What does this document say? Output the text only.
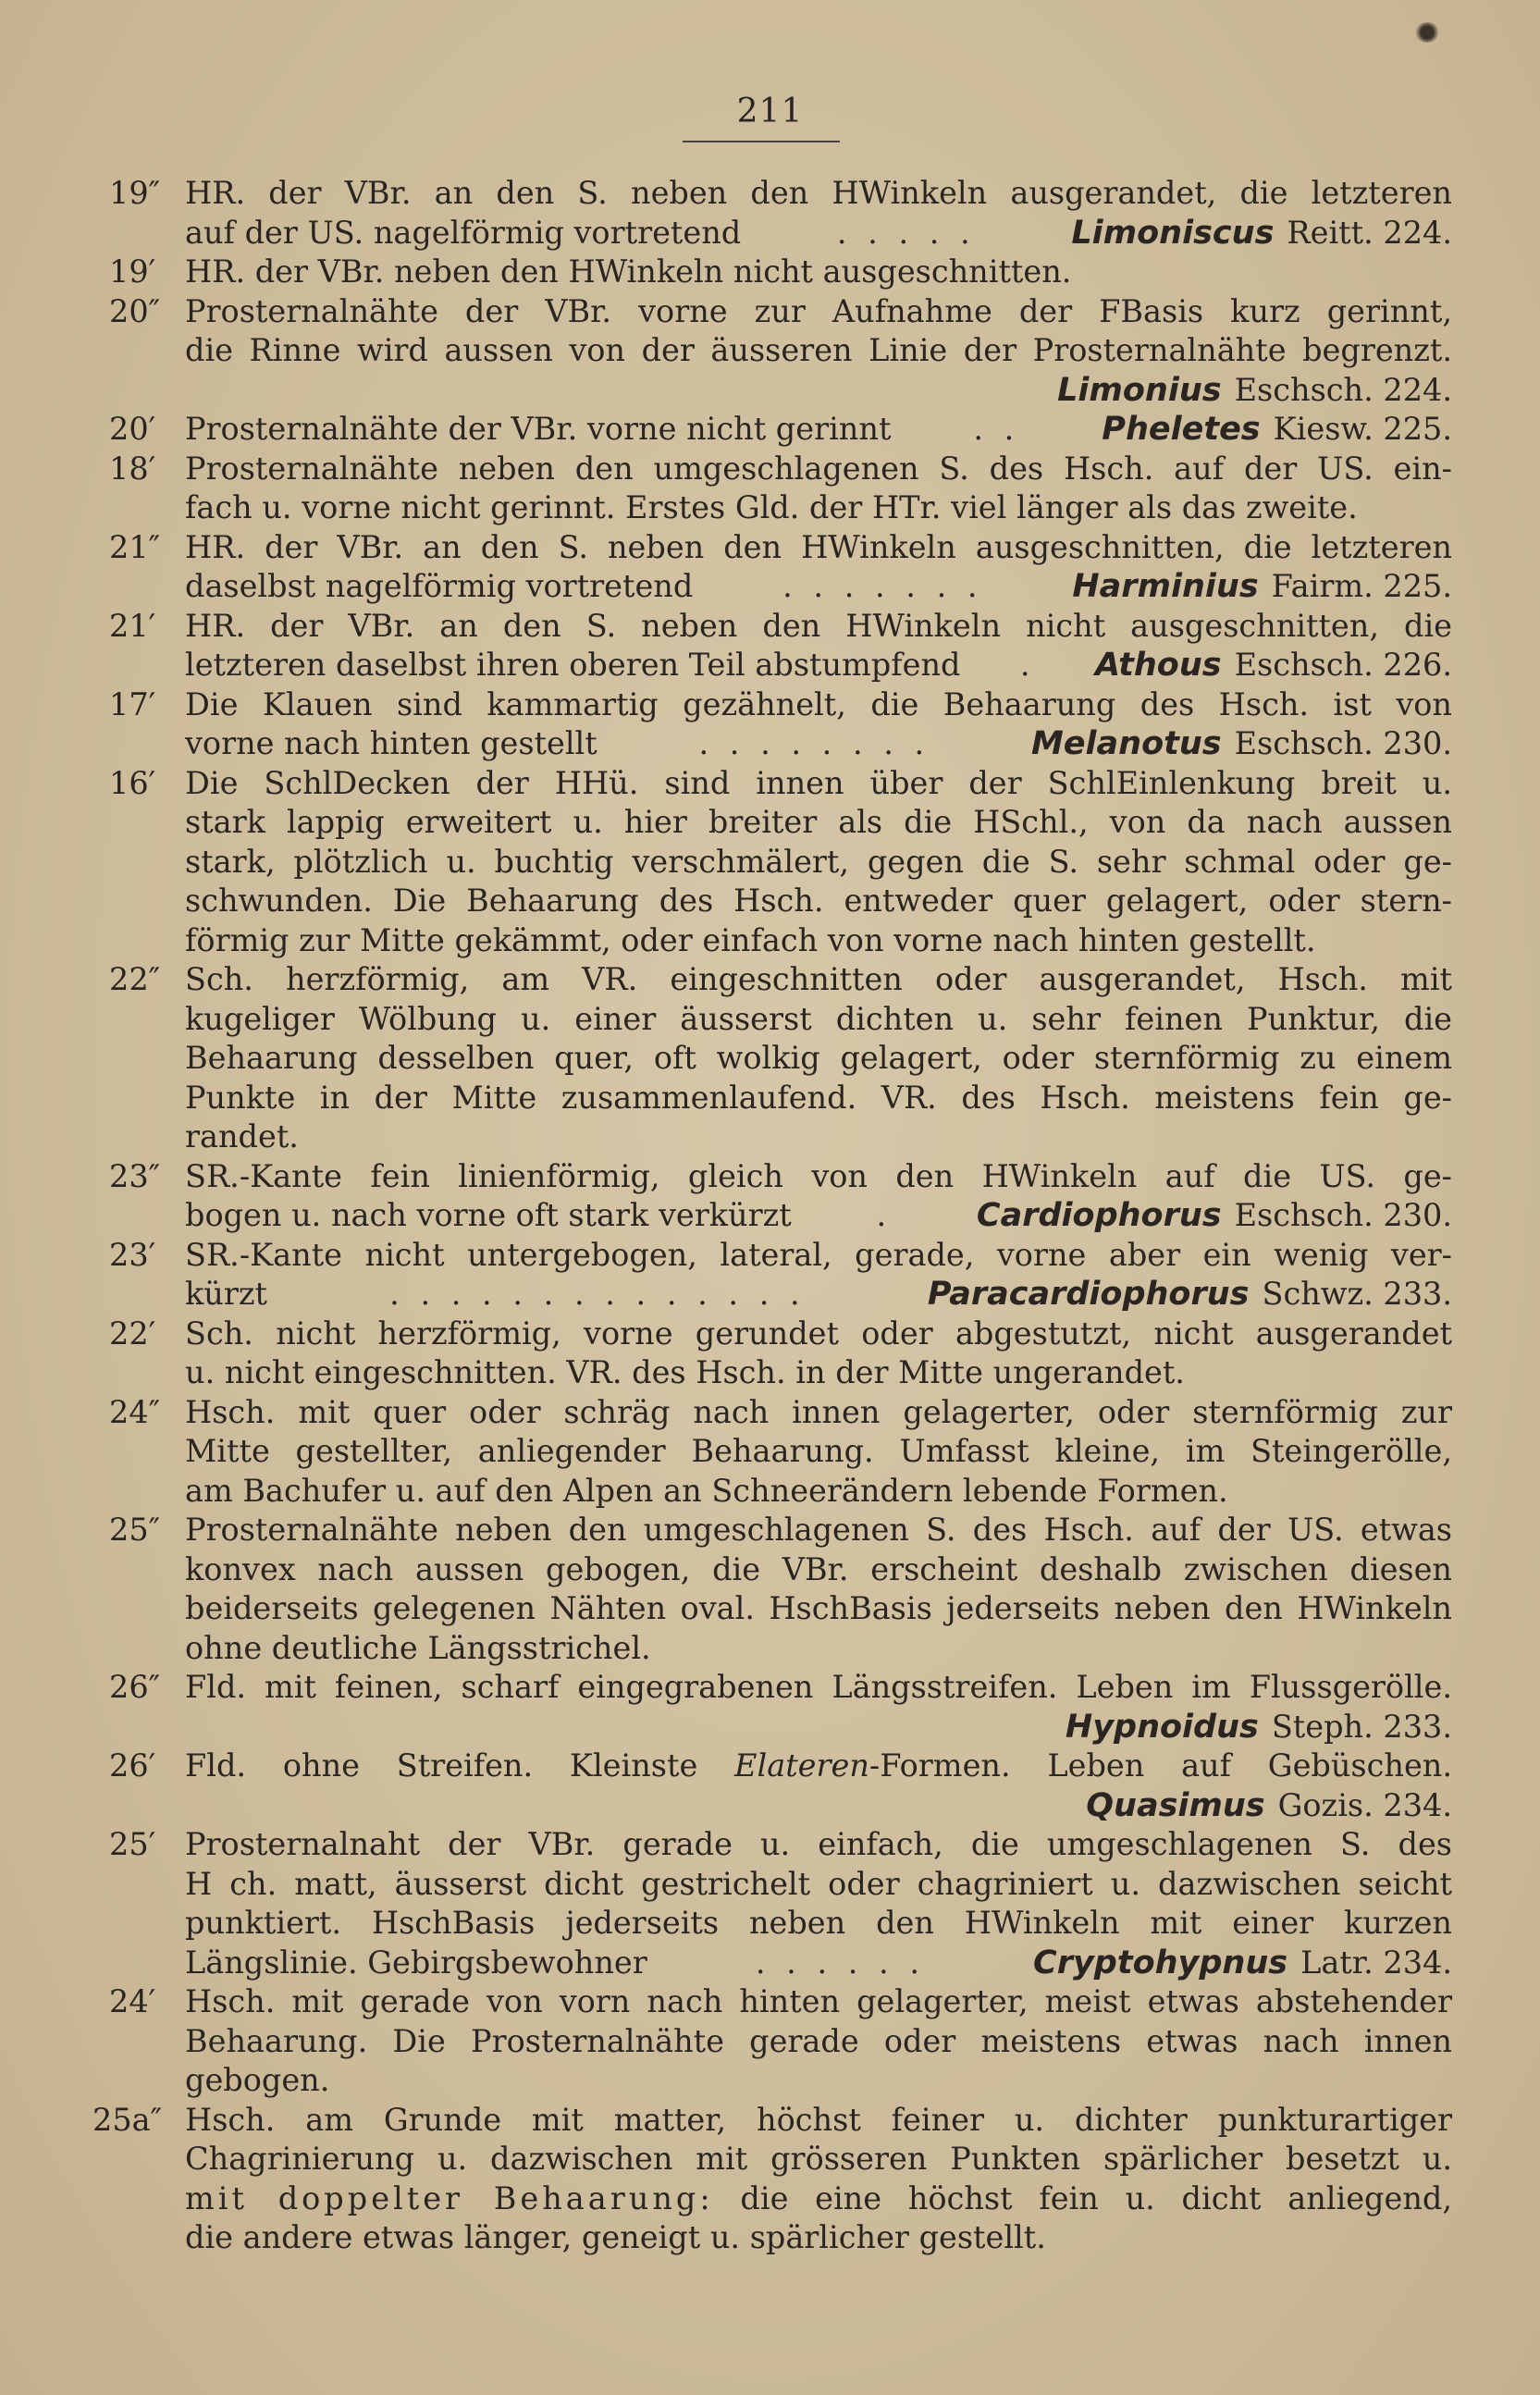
211
19″ HR. der VBr. an den S. neben den HWinkeln ausgerandet, die letzteren
auf der US. nagelförmig vortretend	. . . . .	Limoniscus Reitt. 224.
19′ HR. der VBr. neben den HWinkeln nicht ausgeschnitten.
20″ Prosternalnähte der VBr. vorne zur Aufnahme der FBasis kurz gerinnt,
die Rinne wird aussen von der äusseren Linie der Prosternalnähte begrenzt.
Limonius Eschsch. 224.
20′ Prosternalnähte der VBr. vorne nicht gerinnt	. .	Pheletes Kiesw. 225.
18′ Prosternalnähte neben den umgeschlagenen S. des Hsch. auf der US. ein-
fach u. vorne nicht gerinnt. Erstes Gld. der HTr. viel länger als das zweite.
21″ HR. der VBr. an den S. neben den HWinkeln ausgeschnitten, die letzteren
daselbst nagelförmig vortretend	. . . . . . .	Harminius Fairm. 225.
21′ HR. der VBr. an den S. neben den HWinkeln nicht ausgeschnitten, die
letzteren daselbst ihren oberen Teil abstumpfend	.	Athous Eschsch. 226.
17′ Die Klauen sind kammartig gezähnelt, die Behaarung des Hsch. ist von
vorne nach hinten gestellt	. . . . . . . .	Melanotus Eschsch. 230.
16′ Die SchlDecken der HHü. sind innen über der SchlEinlenkung breit u.
stark lappig erweitert u. hier breiter als die HSchl., von da nach aussen
stark, plötzlich u. buchtig verschmälert, gegen die S. sehr schmal oder ge-
schwunden. Die Behaarung des Hsch. entweder quer gelagert, oder stern-
förmig zur Mitte gekämmt, oder einfach von vorne nach hinten gestellt.
22″ Sch. herzförmig, am VR. eingeschnitten oder ausgerandet, Hsch. mit
kugeliger Wölbung u. einer äusserst dichten u. sehr feinen Punktur, die
Behaarung desselben quer, oft wolkig gelagert, oder sternförmig zu einem
Punkte in der Mitte zusammenlaufend. VR. des Hsch. meistens fein ge-
randet.
23″ SR.-Kante fein linienförmig, gleich von den HWinkeln auf die US. ge-
bogen u. nach vorne oft stark verkürzt	.	Cardiophorus Eschsch. 230.
23′ SR.-Kante nicht untergebogen, lateral, gerade, vorne aber ein wenig ver-
kürzt	. . . . . . . . . . . . . .	Paracardiophorus Schwz. 233.
22′ Sch. nicht herzförmig, vorne gerundet oder abgestutzt, nicht ausgerandet
u. nicht eingeschnitten. VR. des Hsch. in der Mitte ungerandet.
24″ Hsch. mit quer oder schräg nach innen gelagerter, oder sternförmig zur
Mitte gestellter, anliegender Behaarung. Umfasst kleine, im Steingerölle,
am Bachufer u. auf den Alpen an Schneerändern lebende Formen.
25″ Prosternalnähte neben den umgeschlagenen S. des Hsch. auf der US. etwas
konvex nach aussen gebogen, die VBr. erscheint deshalb zwischen diesen
beiderseits gelegenen Nähten oval. HschBasis jederseits neben den HWinkeln
ohne deutliche Längsstrichel.
26″ Fld. mit feinen, scharf eingegrabenen Längsstreifen. Leben im Flussgerölle.
Hypnoidus Steph. 233.
26′ Fld. ohne Streifen. Kleinste Elateren-Formen. Leben auf Gebüschen.
Quasimus Gozis. 234.
25′ Prosternalnaht der VBr. gerade u. einfach, die umgeschlagenen S. des
H ch. matt, äusserst dicht gestrichelt oder chagriniert u. dazwischen seicht
punktiert. HschBasis jederseits neben den HWinkeln mit einer kurzen
Längslinie. Gebirgsbewohner	. . . . . .	Cryptohypnus Latr. 234.
24′ Hsch. mit gerade von vorn nach hinten gelagerter, meist etwas abstehender
Behaarung. Die Prosternalnähte gerade oder meistens etwas nach innen
gebogen.
25a″ Hsch. am Grunde mit matter, höchst feiner u. dichter punkturartiger
Chagrinierung u. dazwischen mit grösseren Punkten spärlicher besetzt u.
mit doppelter Behaarung: die eine höchst fein u. dicht anliegend,
die andere etwas länger, geneigt u. spärlicher gestellt.
